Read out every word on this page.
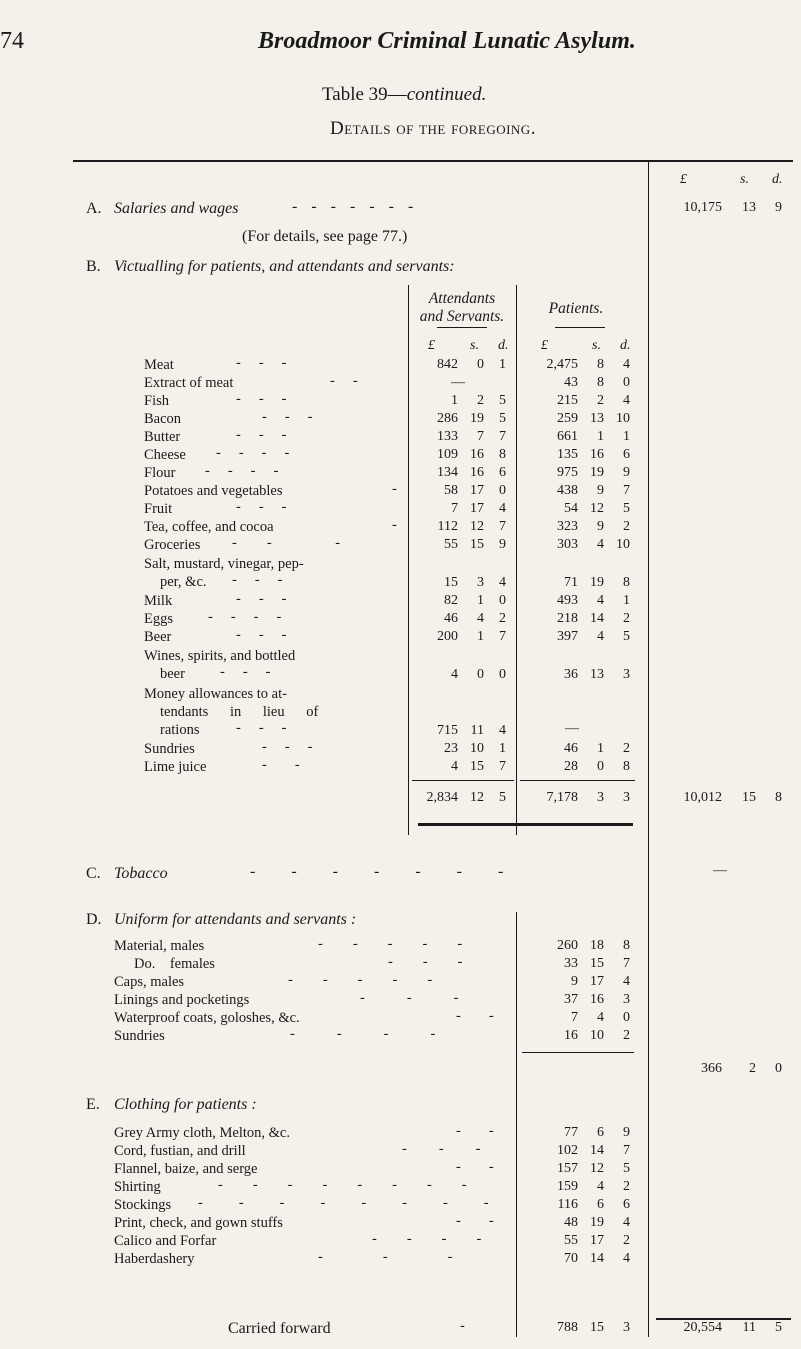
74	Broadmoor Criminal Lunatic Asylum.
Table 39—continued.
Details of the foregoing.
£	s. d.
A. Salaries and wages	-------	10,175	13	9
(For details, see page 77.)
B. Victualling for patients, and attendants and servants:
Attendants
and Servants.	Patients.
£	s. d. £	s. d.
Meat	---	842	0	1	2,475	8	4
Extract of meat	--	—	43	8	0
Fish	---	1	2	5	215	2	4
Bacon	---	286 19	5	259 13 10
Butter	---	133	7	7	661	1	1
Cheese ----	109 16	8	135 16	6
Flour ----	134 16	6	975 19	9
Potatoes and vegetables	-	58 17	0	438	9	7
Fruit	---	7 17	4	54 12	5
Tea, coffee, and cocoa	-	112 12	7	323	9	2
Groceries -- -	55 15	9	303	4 10
Salt, mustard, vinegar, pep-
per, &c. ---	15	3	4	71 19	8
Milk	---	82	1	0	493	4	1
Eggs ----	46	4	2	218 14	2
Beer	---	200	1	7	397	4	5
Wines, spirits, and bottled
beer ---	4	0	0	36 13	3
Money allowances to at-
tendants in lieu of
rations	---	715 11	4	—
Sundries	---	23 10	1	46	1	2
Lime juice	--	4 15	7	28	0	8
2,834 12	5	7,178	3	3	10,012	15	8
C. Tobacco	-------	—
D. Uniform for attendants and servants :
Material, males	-----	260 18	8
Do.    females	---	33 15	7
Caps, males	-----	9 17	4
Linings and pocketings	---	37 16	3
Waterproof coats, goloshes, &c.	--	7	4	0
Sundries	----	16 10	2
366	2	0
E. Clothing for patients :
Grey Army cloth, Melton, &c.	--	77	6	9
Cord, fustian, and drill	---	102 14	7
Flannel, baize, and serge	--	157 12	5
Shirting	--------	159	4	2
Stockings --------	116	6	6
Print, check, and gown stuffs	--	48 19	4
Calico and Forfar	----	55 17	2
Haberdashery	---	70 14	4
Carried forward	-	788 15	3	20,554	11	5
